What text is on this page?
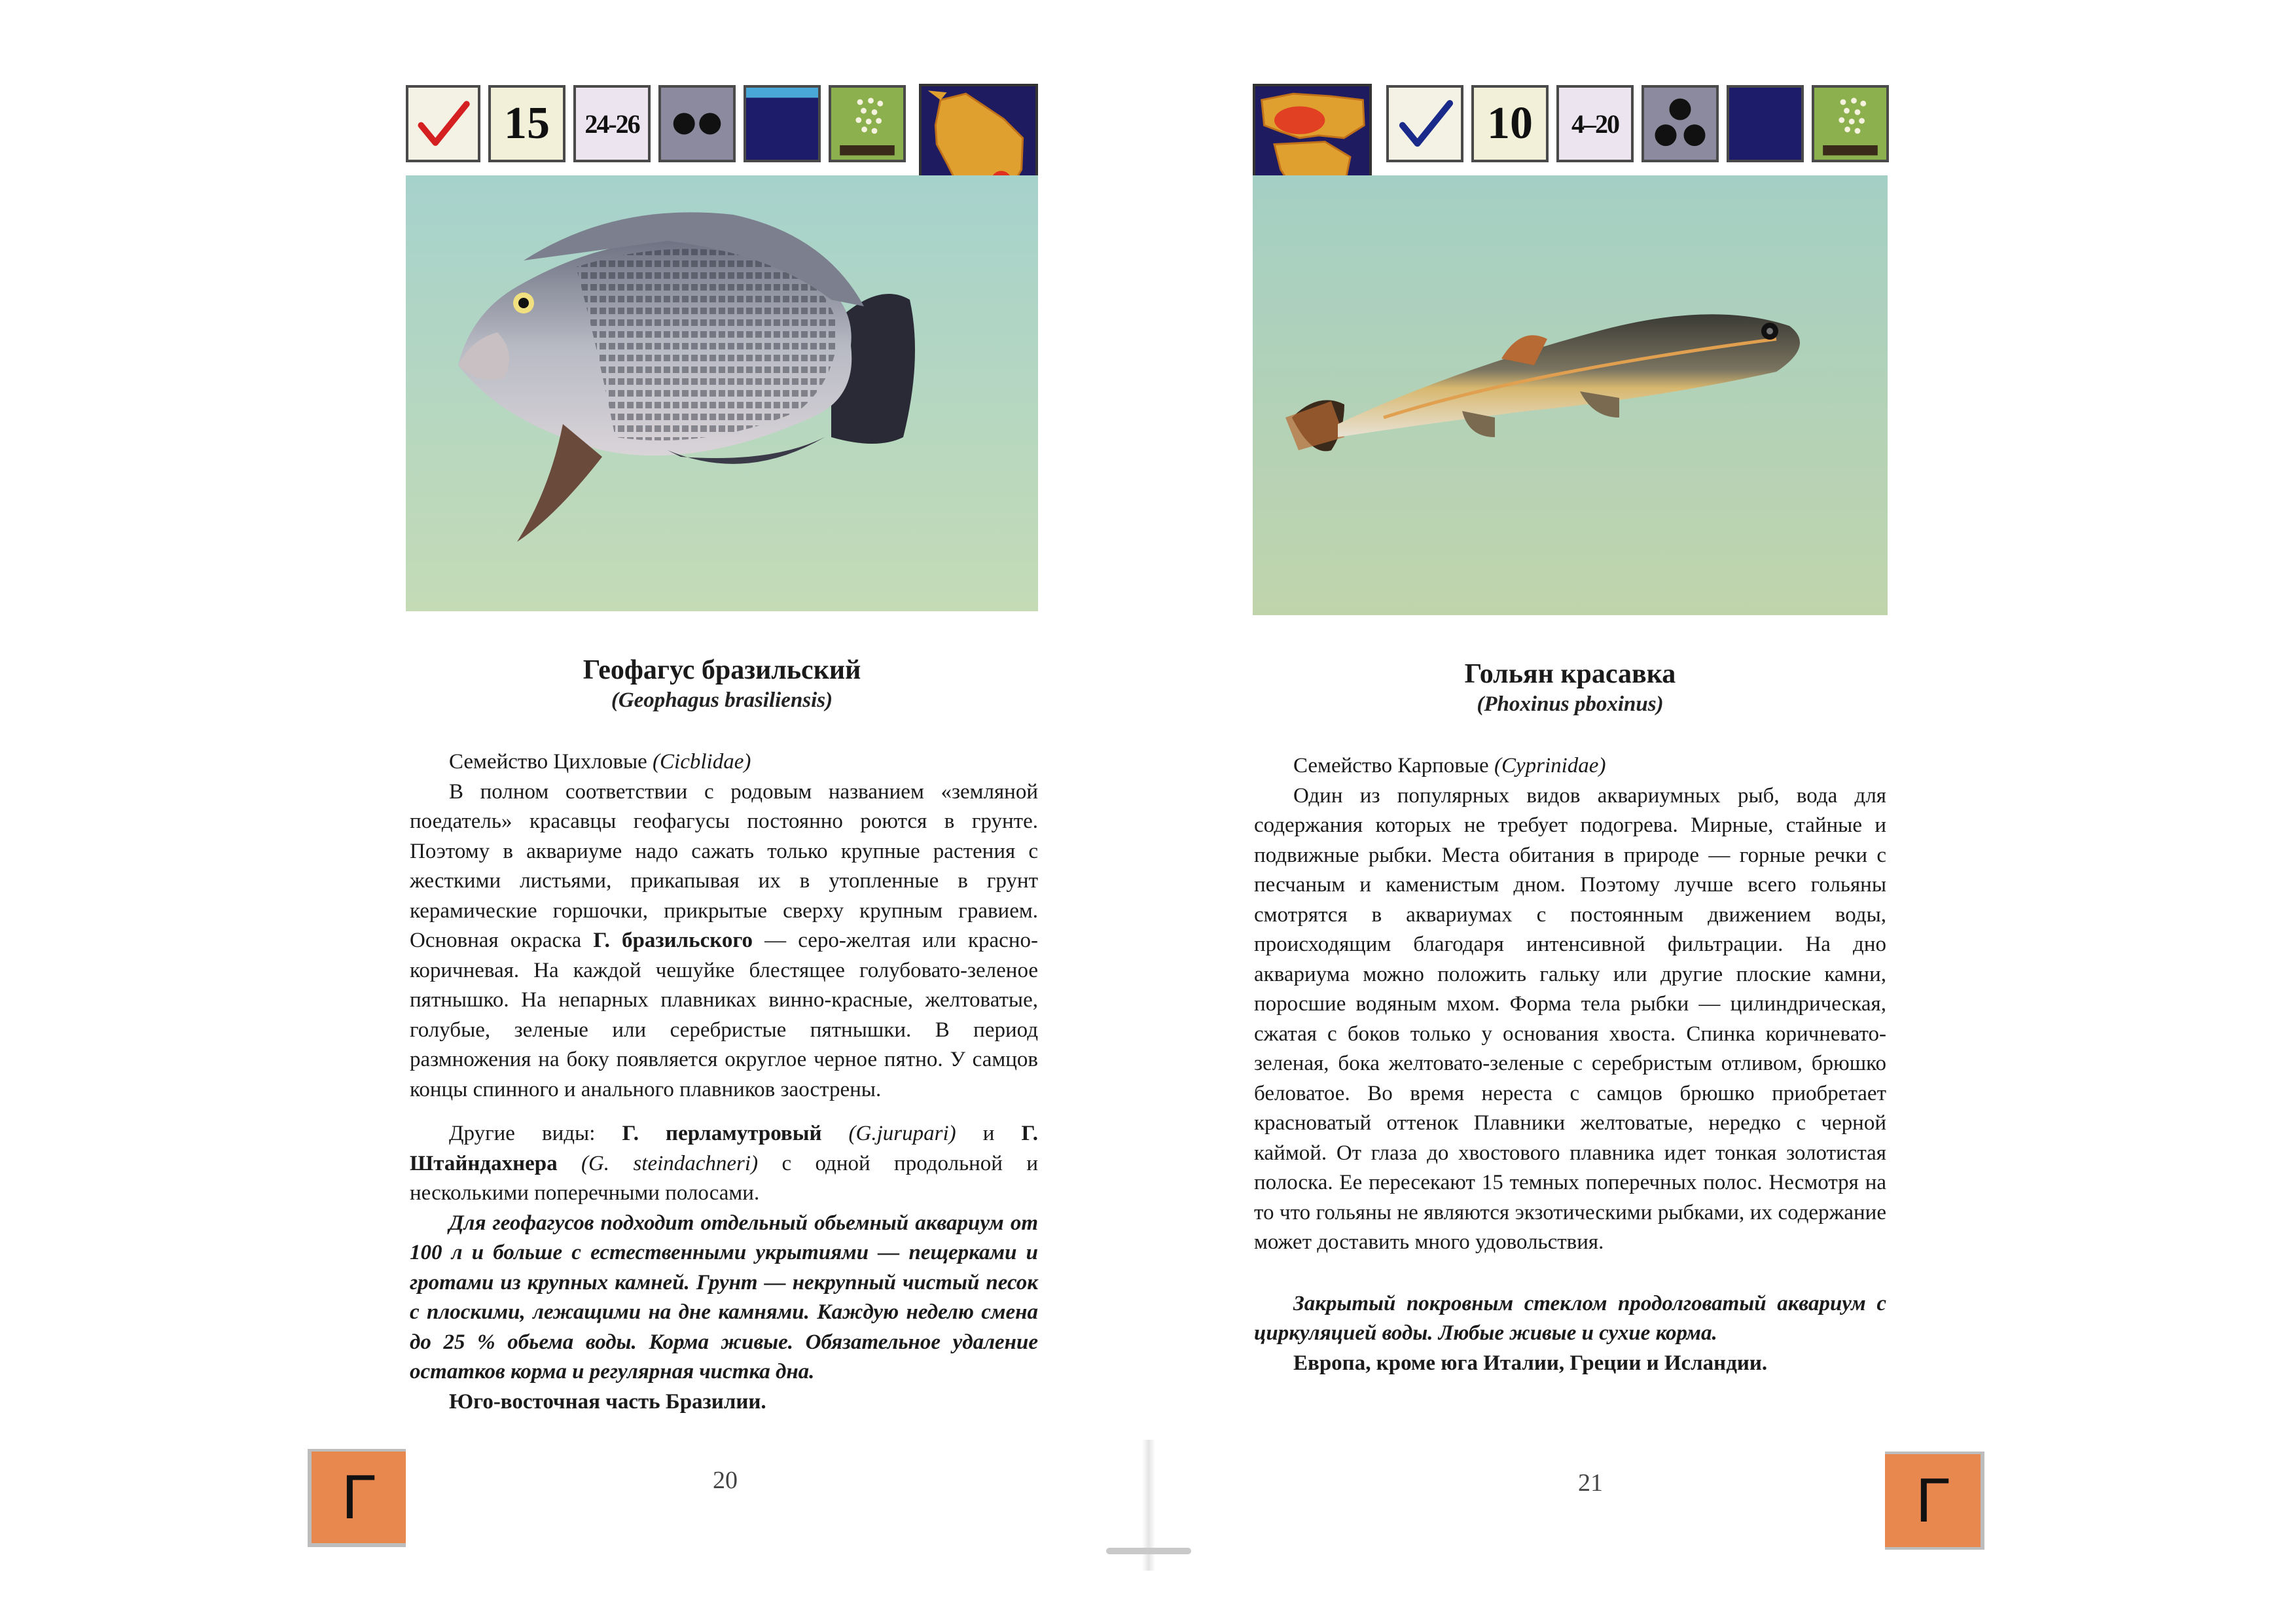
15 24-26
Геофагус бразильский
(Geophagus brasiliensis)

Семейство Цихловые (Cicblidae)

В полном соответствии с родовым названием «земляной поедатель» красавцы геофагусы постоянно роются в грунте. Поэтому в аквариуме надо сажать только крупные растения с жесткими листьями, прикапывая их в утопленные в грунт керамические горшочки, прикрытые сверху крупным гравием. Основная окраска Г. бразильского — серо-желтая или красно-коричневая. На каждой чешуйке блестящее голубовато-зеленое пятнышко. На непарных плавниках винно-красные, желтоватые, голубые, зеленые или серебристые пятнышки. В период размножения на боку появляется округлое черное пятно. У самцов концы спинного и анального плавников заострены.

Другие виды: Г. перламутровый (G.jurupari) и Г. Штайндахнера (G. steindachneri) с одной продольной и несколькими поперечными полосами.

Для геофагусов подходит отдельный обьемный аквариум от 100 л и больше с естественными укрытиями — пещерками и гротами из крупных камней. Грунт — некрупный чистый песок с плоскими, лежащими на дне камнями. Каждую неделю смена до 25 % обьема воды. Корма живые. Обязательное удаление остатков корма и регулярная чистка дна.

Юго-восточная часть Бразилии.

20
Г
10 4–20
Гольян красавка
(Phoxinus pboxinus)

Семейство Карповые (Cyprinidae)

Один из популярных видов аквариумных рыб, вода для содержания которых не требует подогрева. Мирные, стайные и подвижные рыбки. Места обитания в природе — горные речки с песчаным и каменистым дном. Поэтому лучше всего гольяны смотрятся в аквариумах с постоянным движением воды, происходящим благодаря интенсивной фильтрации. На дно аквариума можно положить гальку или другие плоские камни, поросшие водяным мхом. Форма тела рыбки — цилиндрическая, сжатая с боков только у основания хвоста. Спинка коричневато-зеленая, бока желтовато-зеленые с серебристым отливом, брюшко беловатое. Во время нереста с самцов брюшко приобретает красноватый оттенок Плавники желтоватые, нередко с черной каймой. От глаза до хвостового плавника идет тонкая золотистая полоска. Ее пересекают 15 темных поперечных полос. Несмотря на то что гольяны не являются экзотическими рыбками, их содержание может доставить много удовольствия.

Закрытый покровным стеклом продолговатый аквариум с циркуляцией воды. Любые живые и сухие корма.

Европа, кроме юга Италии, Греции и Исландии.

21	Г
